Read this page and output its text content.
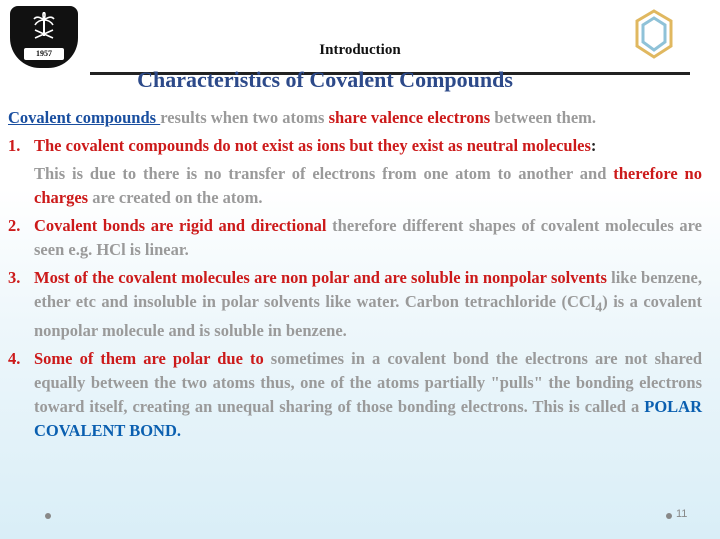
1957	Introduction
Characteristics of Covalent Compounds

Covalent compounds results when two atoms share valence electrons between them.

1. The covalent compounds do not exist as ions but they exist as neutral molecules:

This is due to there is no transfer of electrons from one atom to another and therefore no charges are created on the atom.

2. Covalent bonds are rigid and directional therefore different shapes of covalent molecules are seen e.g. HCl is linear.
3. Most of the covalent molecules are non polar and are soluble in nonpolar solvents like benzene, ether etc and insoluble in polar solvents like water. Carbon tetrachloride (CCl$_4$) is a covalent nonpolar molecule and is soluble in benzene.
4. Some of them are polar due to sometimes in a covalent bond the electrons are not shared equally between the two atoms thus, one of the atoms partially "pulls" the bonding electrons toward itself, creating an unequal sharing of those bonding electrons. This is called a POLAR COVALENT BOND.
11
